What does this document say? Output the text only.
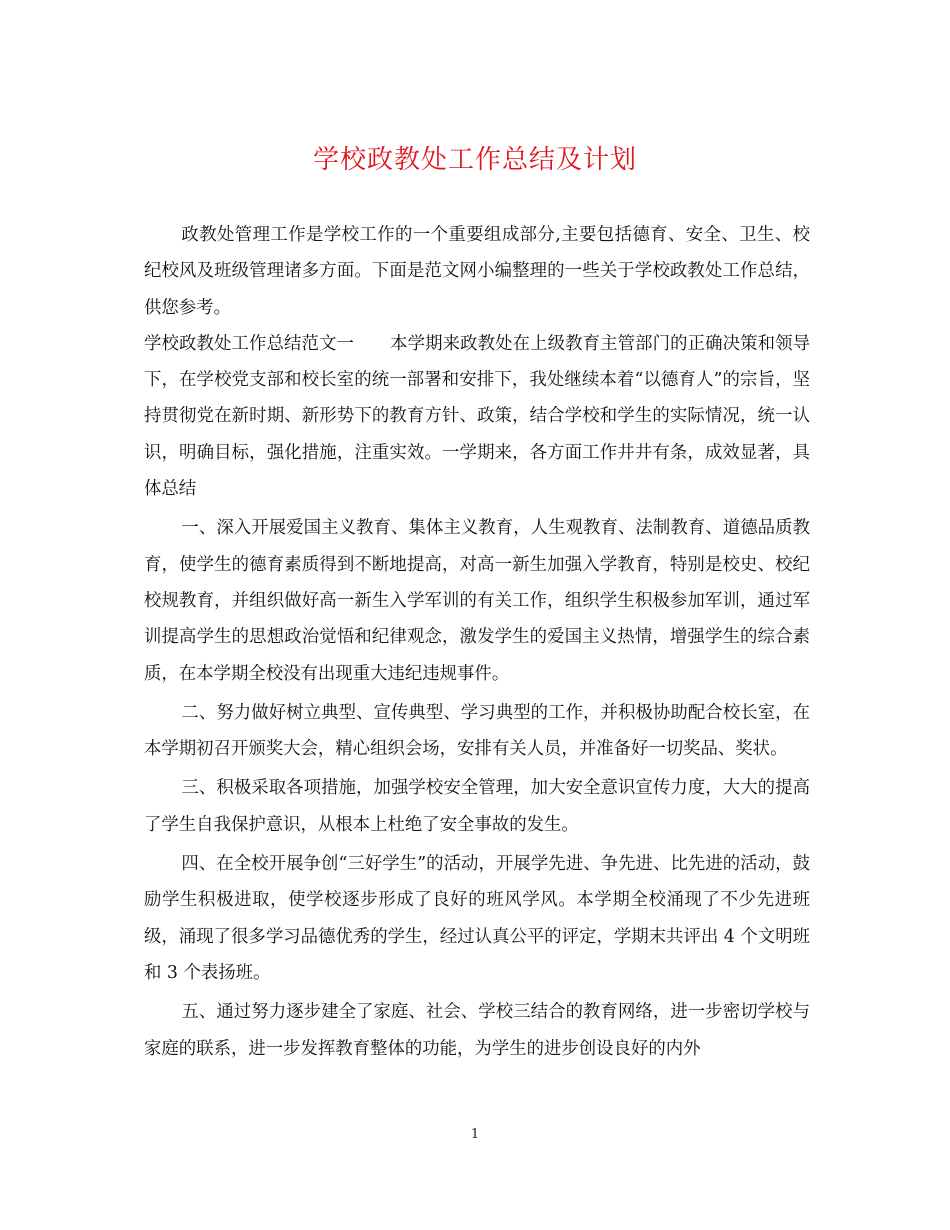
学校政教处工作总结及计划

政教处管理工作是学校工作的一个重要组成部分,主要包括德育、安全、卫生、校纪校风及班级管理诸多方面。下面是范文网小编整理的一些关于学校政教处工作总结，供您参考。

学校政教处工作总结范文一 本学期来政教处在上级教育主管部门的正确决策和领导下，在学校党支部和校长室的统一部署和安排下，我处继续本着“以德育人”的宗旨，坚持贯彻党在新时期、新形势下的教育方针、政策，结合学校和学生的实际情况，统一认识，明确目标，强化措施，注重实效。一学期来，各方面工作井井有条，成效显著，具体总结

一、深入开展爱国主义教育、集体主义教育，人生观教育、法制教育、道德品质教育，使学生的德育素质得到不断地提高，对高一新生加强入学教育，特别是校史、校纪校规教育，并组织做好高一新生入学军训的有关工作，组织学生积极参加军训，通过军训提高学生的思想政治觉悟和纪律观念，激发学生的爱国主义热情，增强学生的综合素质，在本学期全校没有出现重大违纪违规事件。

二、努力做好树立典型、宣传典型、学习典型的工作，并积极协助配合校长室，在本学期初召开颁奖大会，精心组织会场，安排有关人员，并准备好一切奖品、奖状。

三、积极采取各项措施，加强学校安全管理，加大安全意识宣传力度，大大的提高了学生自我保护意识，从根本上杜绝了安全事故的发生。

四、在全校开展争创“三好学生”的活动，开展学先进、争先进、比先进的活动，鼓励学生积极进取，使学校逐步形成了良好的班风学风。本学期全校涌现了不少先进班级，涌现了很多学习品德优秀的学生，经过认真公平的评定，学期末共评出 4 个文明班和 3 个表扬班。

五、通过努力逐步建全了家庭、社会、学校三结合的教育网络，进一步密切学校与家庭的联系，进一步发挥教育整体的功能，为学生的进步创设良好的内外

1
